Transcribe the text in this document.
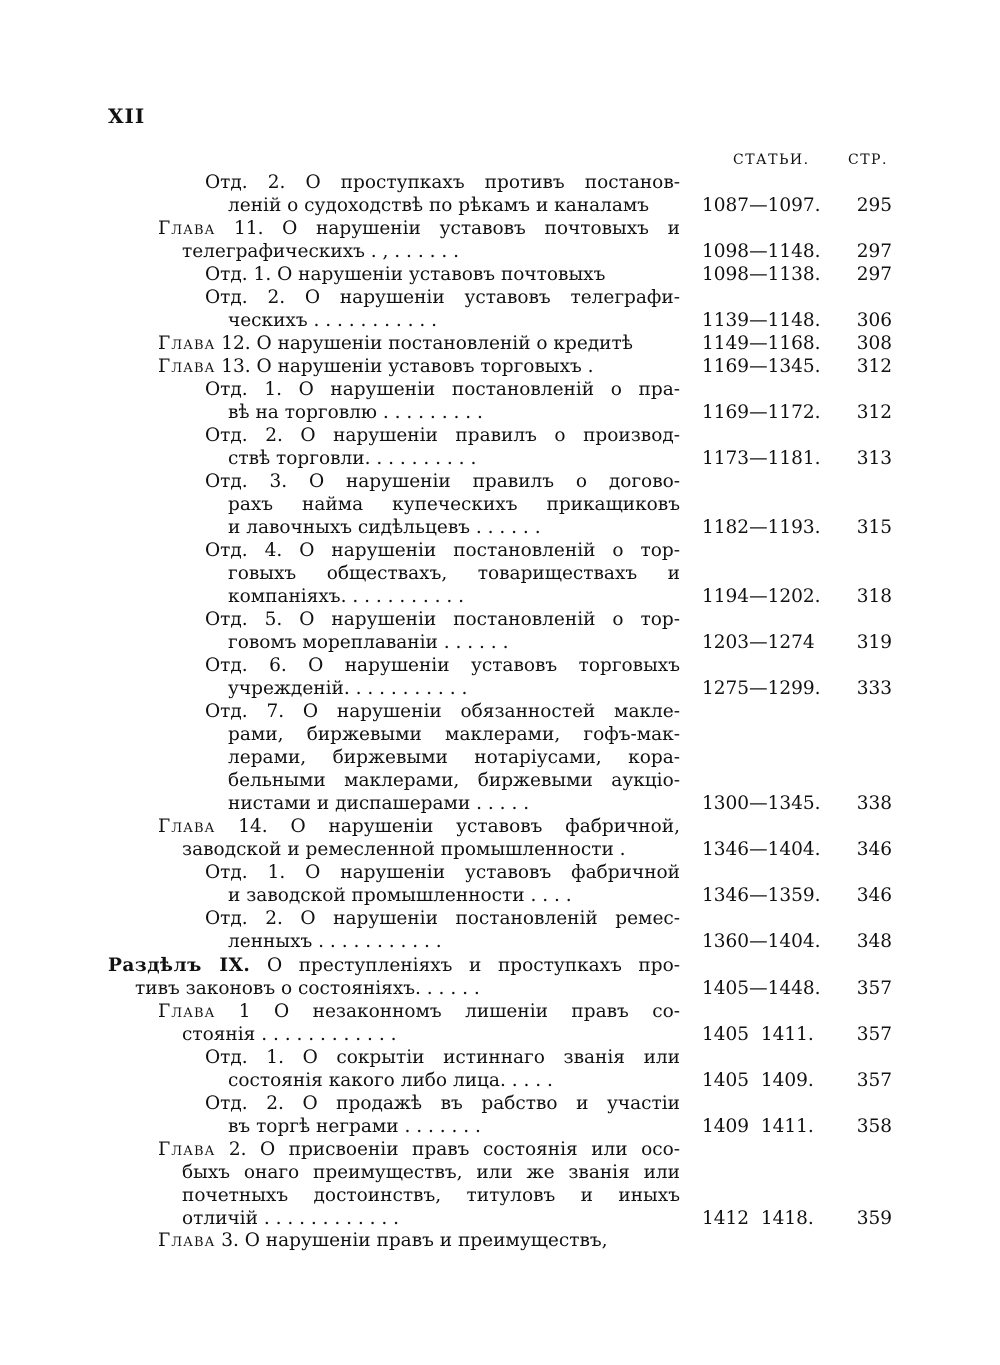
XII
СТАТЬИ.	СТР.
Отд. 2. О проступкахъ противъ постанов-
леній о судоходствѣ по рѣкамъ и каналамъ	1087—1097.	295
Глава 11. О нарушеніи уставовъ почтовыхъ и
телеграфическихъ . , . . . . . .	1098—1148.	297
Отд. 1. О нарушеніи уставовъ почтовыхъ	1098—1138.	297
Отд. 2. О нарушеніи уставовъ телеграфи-
ческихъ . . . . . . . . . . .	1139—1148.	306
Глава 12. О нарушеніи постановленій о кредитѣ	1149—1168.	308
Глава 13. О нарушеніи уставовъ торговыхъ .	1169—1345.	312
Отд. 1. О нарушеніи постановленій о пра-
вѣ на торговлю . . . . . . . . .	1169—1172.	312
Отд. 2. О нарушеніи правилъ о производ-
ствѣ торговли. . . . . . . . . .	1173—1181.	313
Отд. 3. О нарушеніи правилъ о догово-
рахъ найма купеческихъ прикащиковъ
и лавочныхъ сидѣльцевъ . . . . . .	1182—1193.	315
Отд. 4. О нарушеніи постановленій о тор-
говыхъ обществахъ, товариществахъ и
компаніяхъ. . . . . . . . . . .	1194—1202.	318
Отд. 5. О нарушеніи постановленій о тор-
говомъ мореплаваніи . . . . . .	1203—1274	319
Отд. 6. О нарушеніи уставовъ торговыхъ
учрежденій. . . . . . . . . . .	1275—1299.	333
Отд. 7. О нарушеніи обязанностей макле-
рами, биржевыми маклерами, гофъ-мак-
лерами, биржевыми нотаріусами, кора-
бельными маклерами, биржевыми аукціо-
нистами и диспашерами . . . . .	1300—1345.	338
Глава 14. О нарушеніи уставовъ фабричной,
заводской и ремесленной промышленности .	1346—1404.	346
Отд. 1. О нарушеніи уставовъ фабричной
и заводской промышленности . . . .	1346—1359.	346
Отд. 2. О нарушеніи постановленій ремес-
ленныхъ . . . . . . . . . . .	1360—1404.	348
Раздѣлъ IX. О преступленіяхъ и проступкахъ про-
тивъ законовъ о состояніяхъ. . . . . .	1405—1448.	357
Глава 1 О незаконномъ лишеніи правъ со-
стоянія . . . . . . . . . . . .	1405  1411.	357
Отд. 1. О сокрытіи истиннаго званія или
состоянія какого либо лица. . . . .	1405  1409.	357
Отд. 2. О продажѣ въ рабство и участіи
въ торгѣ неграми . . . . . . .	1409  1411.	358
Глава 2. О присвоеніи правъ состоянія или осо-
быхъ онаго преимуществъ, или же званія или
почетныхъ достоинствъ, титуловъ и иныхъ
отличій . . . . . . . . . . . .	1412  1418.	359
Глава 3. О нарушеніи правъ и преимуществъ,
